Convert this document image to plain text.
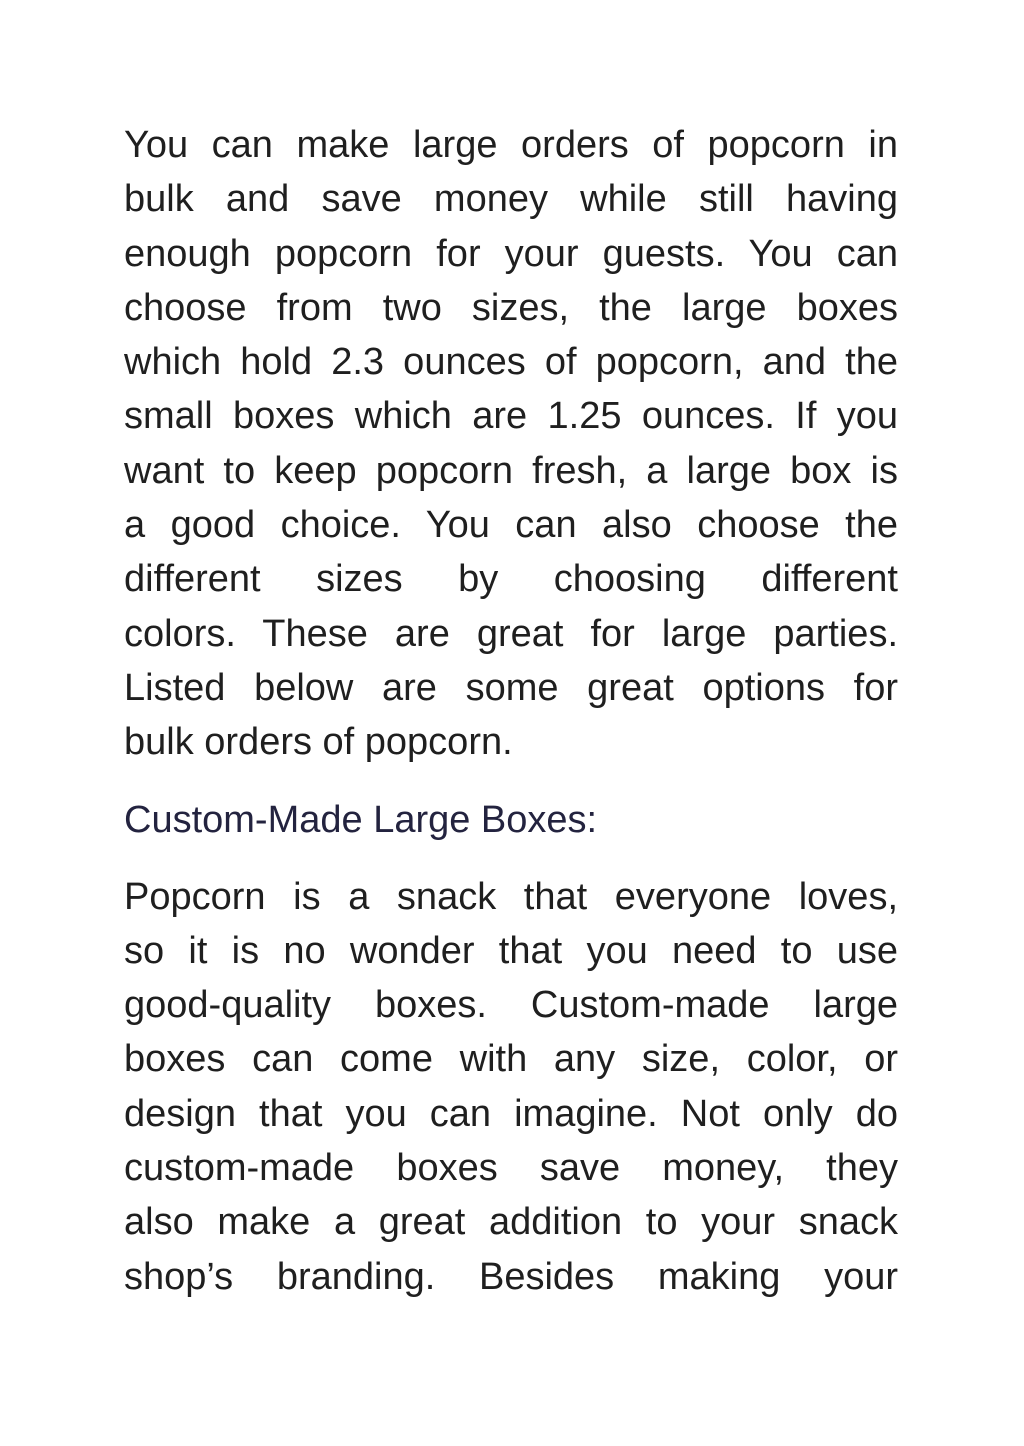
You can make large orders of popcorn in
bulk and save money while still having
enough popcorn for your guests. You can
choose from two sizes, the large boxes
which hold 2.3 ounces of popcorn, and the
small boxes which are 1.25 ounces. If you
want to keep popcorn fresh, a large box is
a good choice. You can also choose the
different sizes by choosing different
colors. These are great for large parties.
Listed below are some great options for
bulk orders of popcorn.
Custom-Made Large Boxes:
Popcorn is a snack that everyone loves,
so it is no wonder that you need to use
good-quality boxes. Custom-made large
boxes can come with any size, color, or
design that you can imagine. Not only do
custom-made boxes save money, they
also make a great addition to your snack
shop’s branding. Besides making your
